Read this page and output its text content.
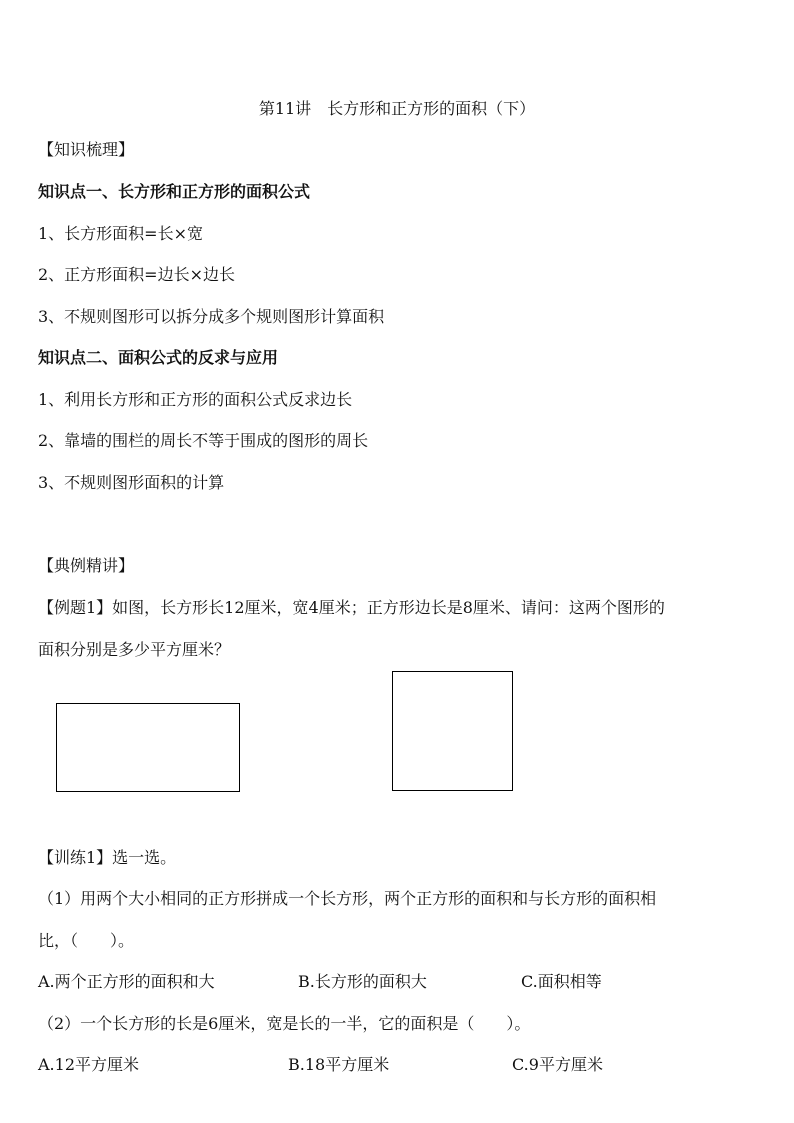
第11讲　长方形和正方形的面积（下）
【知识梳理】
知识点一、长方形和正方形的面积公式
1、长方形面积=长×宽
2、正方形面积=边长×边长
3、不规则图形可以拆分成多个规则图形计算面积
知识点二、面积公式的反求与应用
1、利用长方形和正方形的面积公式反求边长
2、靠墙的围栏的周长不等于围成的图形的周长
3、不规则图形面积的计算
【典例精讲】
【例题1】如图，长方形长12厘米，宽4厘米；正方形边长是8厘米、请问：这两个图形的
面积分别是多少平方厘米？
【训练1】选一选。
（1）用两个大小相同的正方形拼成一个长方形，两个正方形的面积和与长方形的面积相
比，（　　）。
A.两个正方形的面积和大	B.长方形的面积大	C.面积相等
（2）一个长方形的长是6厘米，宽是长的一半，它的面积是（　　）。
A.12平方厘米	B.18平方厘米	C.9平方厘米
